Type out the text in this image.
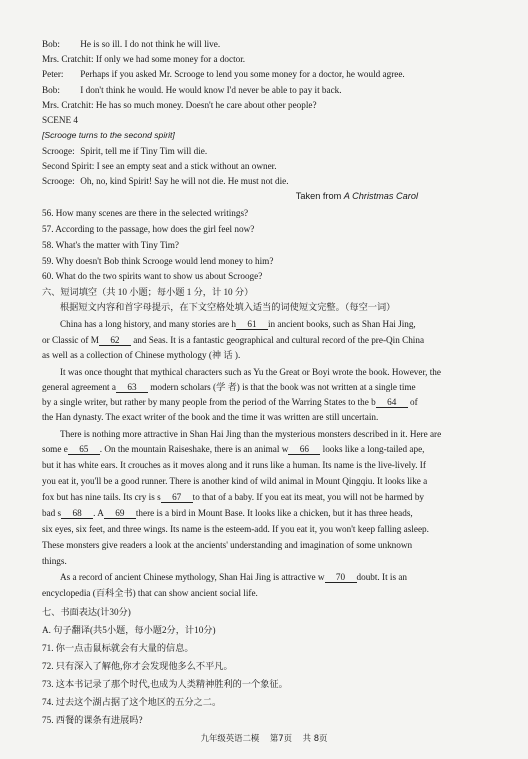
Bob: He is so ill. I do not think he will live.
Mrs. Cratchit: If only we had some money for a doctor.
Peter: Perhaps if you asked Mr. Scrooge to lend you some money for a doctor, he would agree.
Bob: I don't think he would. He would know I'd never be able to pay it back.
Mrs. Cratchit: He has so much money. Doesn't he care about other people?
SCENE 4
[Scrooge turns to the second spirit]
Scrooge: Spirit, tell me if Tiny Tim will die.
Second Spirit: I see an empty seat and a stick without an owner.
Scrooge: Oh, no, kind Spirit! Say he will not die. He must not die.
Taken from A Christmas Carol
56. How many scenes are there in the selected writings?
57. According to the passage, how does the girl feel now?
58. What's the matter with Tiny Tim?
59. Why doesn't Bob think Scrooge would lend money to him?
60. What do the two spirits want to show us about Scrooge?
六、短词填空（共 10 小题；每小题 1 分，计 10 分）
根据短文内容和首字母提示，在下文空格处填入适当的词使短文完整。（每空一词）
China has a long history, and many stories are h 61 in ancient books, such as Shan Hai Jing,
or Classic of M 62 and Seas. It is a fantastic geographical and cultural record of the pre-Qin China
as well as a collection of Chinese mythology (神 话 ).
It was once thought that mythical characters such as Yu the Great or Boyi wrote the book. However, the
general agreement a 63 modern scholars (学 者) is that the book was not written at a single time
by a single writer, but rather by many people from the period of the Warring States to the b 64 of
the Han dynasty. The exact writer of the book and the time it was written are still uncertain.
There is nothing more attractive in Shan Hai Jing than the mysterious monsters described in it. Here are
some e 65 . On the mountain Raiseshake, there is an animal w 66 looks like a long-tailed ape,
but it has white ears. It crouches as it moves along and it runs like a human. Its name is the live-lively. If
you eat it, you'll be a good runner. There is another kind of wild animal in Mount Qingqiu. It looks like a
fox but has nine tails. Its cry is s 67 to that of a baby. If you eat its meat, you will not be harmed by
bad s 68 . A 69 there is a bird in Mount Base. It looks like a chicken, but it has three heads,
six eyes, six feet, and three wings. Its name is the esteem-add. If you eat it, you won't keep falling asleep.
These monsters give readers a look at the ancients' understanding and imagination of some unknown
things.
As a record of ancient Chinese mythology, Shan Hai Jing is attractive w 70 doubt. It is an
encyclopedia (百科全书) that can show ancient social life.
七、书面表达(计30分)
A. 句子翻译(共5小题，每小题2分，计10分)
71. 你一点击鼠标就会有大量的信息。
72. 只有深入了解他,你才会发现他多么不平凡。
73. 这本书记录了那个时代,也成为人类精神胜利的一个象征。
74. 过去这个湖占据了这个地区的五分之二。
75. 西餐的课条有进展吗?
九年级英语二模 第7页 共 8页
